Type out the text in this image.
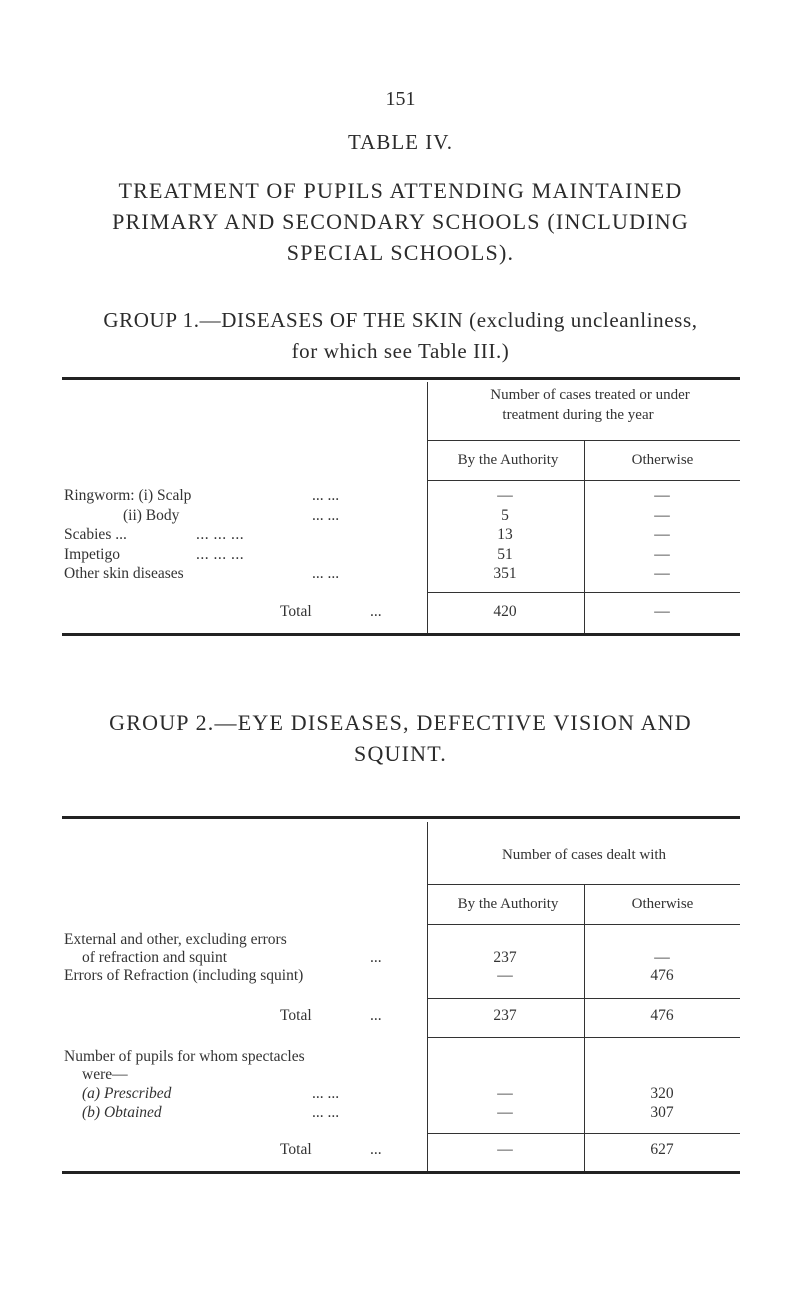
151
TABLE IV.
TREATMENT OF PUPILS ATTENDING MAINTAINED
PRIMARY AND SECONDARY SCHOOLS (INCLUDING
SPECIAL SCHOOLS).
GROUP 1.—DISEASES OF THE SKIN (excluding uncleanliness,
for which see Table III.)
Number of cases treated or under
treatment during the year
By the Authority	Otherwise
Ringworm: (i) Scalp	... ...	—	—
(ii) Body	... ...	5	—
Scabies ...	... ... ...	13	—
Impetigo	... ... ...	51	—
Other skin diseases	... ...	351	—
Total	...	420	—
GROUP 2.—EYE DISEASES, DEFECTIVE VISION AND
SQUINT.
Number of cases dealt with
By the Authority	Otherwise
External and other, excluding errors
of refraction and squint	...	237	—
Errors of Refraction (including squint)	—	476
Total	...	237	476
Number of pupils for whom spectacles
were—
(a) Prescribed	... ...	—	320
(b) Obtained	... ...	—	307
Total	...	—	627
